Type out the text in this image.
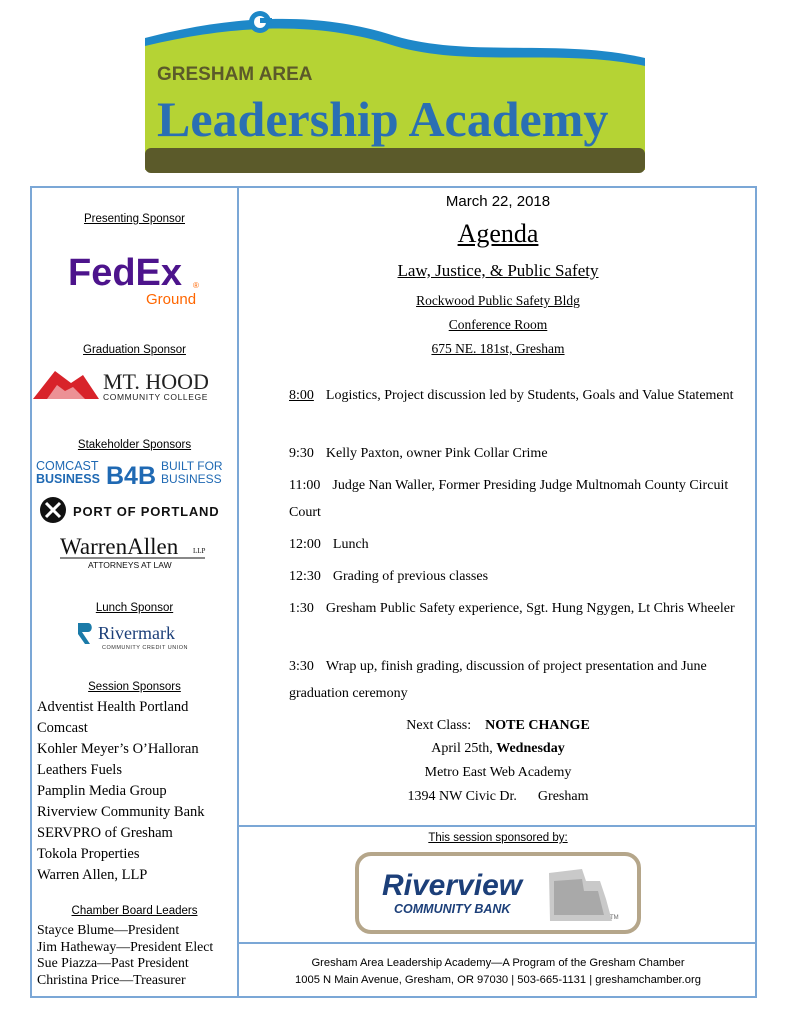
GRESHAM AREA
Leadership Academy
Presenting Sponsor
FedEx
Ground
®
Graduation Sponsor
MT. HOOD
COMMUNITY COLLEGE
Stakeholder Sponsors
COMCAST
BUSINESS B4B BUILT FOR
BUSINESS
PORT OF PORTLAND
WarrenAllen LLP
ATTORNEYS AT LAW
Lunch Sponsor
Rivermark
COMMUNITY CREDIT UNION
Session Sponsors
Adventist Health Portland
Comcast
Kohler Meyer’s O’Halloran
Leathers Fuels
Pamplin Media Group
Riverview Community Bank
SERVPRO of Gresham
Tokola Properties
Warren Allen, LLP
Chamber Board Leaders
Stayce Blume—President
Jim Hatheway—President Elect
Sue Piazza—Past President
Christina Price—Treasurer
March 22, 2018
Agenda
Law, Justice, & Public Safety
Rockwood Public Safety Bldg
Conference Room
675 NE. 181st, Gresham
8:00 Logistics, Project discussion led by Students, Goals and Value Statement
9:30 Kelly Paxton, owner Pink Collar Crime
11:00 Judge Nan Waller, Former Presiding Judge Multnomah County Circuit Court
12:00 Lunch
12:30 Grading of previous classes
1:30 Gresham Public Safety experience, Sgt. Hung Ngygen, Lt Chris Wheeler
3:30 Wrap up, finish grading, discussion of project presentation and June graduation ceremony
Next Class: NOTE CHANGE
April 25th, Wednesday
Metro East Web Academy
1394 NW Civic Dr. Gresham
This session sponsored by:
Riverview
COMMUNITY BANK
TM
Gresham Area Leadership Academy—A Program of the Gresham Chamber
1005 N Main Avenue, Gresham, OR 97030 | 503-665-1131 | greshamchamber.org
